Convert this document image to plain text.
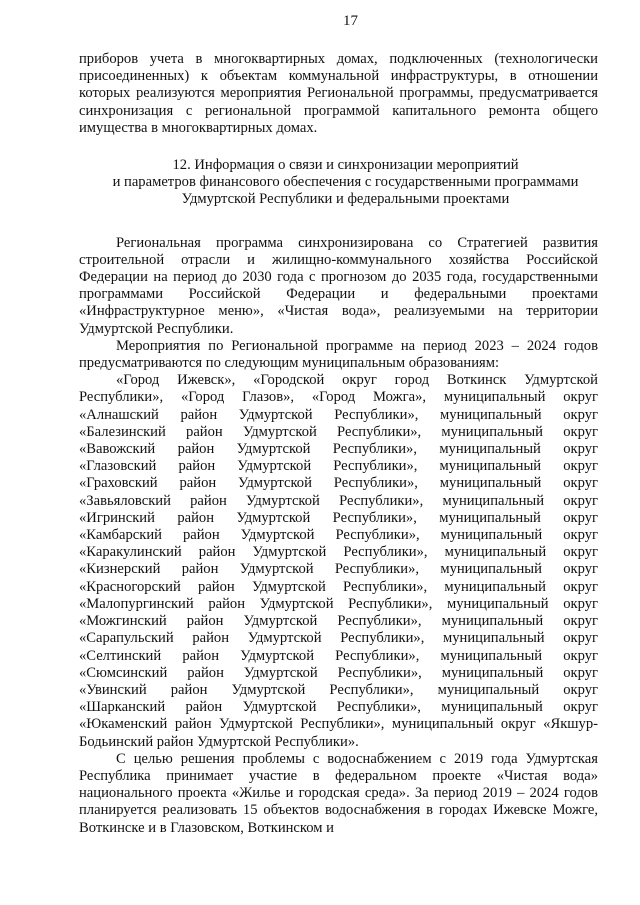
17

приборов учета в многоквартирных домах, подключенных (технологически присоединенных) к объектам коммунальной инфраструктуры, в отношении которых реализуются мероприятия Региональной программы, предусматривается синхронизация с региональной программой капитального ремонта общего имущества в многоквартирных домах.

12. Информация о связи и синхронизации мероприятий
и параметров финансового обеспечения с государственными программами
Удмуртской Республики и федеральными проектами

Региональная программа синхронизирована со Стратегией развития строительной отрасли и жилищно-коммунального хозяйства Российской Федерации на период до 2030 года с прогнозом до 2035 года, государственными программами Российской Федерации и федеральными проектами «Инфраструктурное меню», «Чистая вода», реализуемыми на территории Удмуртской Республики.

Мероприятия по Региональной программе на период 2023 – 2024 годов предусматриваются по следующим муниципальным образованиям:

«Город Ижевск», «Городской округ город Воткинск Удмуртской
Республики», «Город Глазов», «Город Можга», муниципальный округ
«Алнашский район Удмуртской Республики», муниципальный округ
«Балезинский район Удмуртской Республики», муниципальный округ
«Вавожский район Удмуртской Республики», муниципальный округ
«Глазовский район Удмуртской Республики», муниципальный округ
«Граховский район Удмуртской Республики», муниципальный округ
«Завьяловский район Удмуртской Республики», муниципальный округ
«Игринский район Удмуртской Республики», муниципальный округ
«Камбарский район Удмуртской Республики», муниципальный округ
«Каракулинский район Удмуртской Республики», муниципальный округ
«Кизнерский район Удмуртской Республики», муниципальный округ
«Красногорский район Удмуртской Республики», муниципальный округ
«Малопургинский район Удмуртской Республики», муниципальный округ
«Можгинский район Удмуртской Республики», муниципальный округ
«Сарапульский район Удмуртской Республики», муниципальный округ
«Селтинский район Удмуртской Республики», муниципальный округ
«Сюмсинский район Удмуртской Республики», муниципальный округ
«Увинский район Удмуртской Республики», муниципальный округ
«Шарканский район Удмуртской Республики», муниципальный округ
«Юкаменский район Удмуртской Республики», муниципальный округ «Якшур-
Бодьинский район Удмуртской Республики».

С целью решения проблемы с водоснабжением с 2019 года Удмуртская Республика принимает участие в федеральном проекте «Чистая вода» национального проекта «Жилье и городская среда». За период 2019 – 2024 годов планируется реализовать 15 объектов водоснабжения в городах Ижевске Можге, Воткинске и в Глазовском, Воткинском и
